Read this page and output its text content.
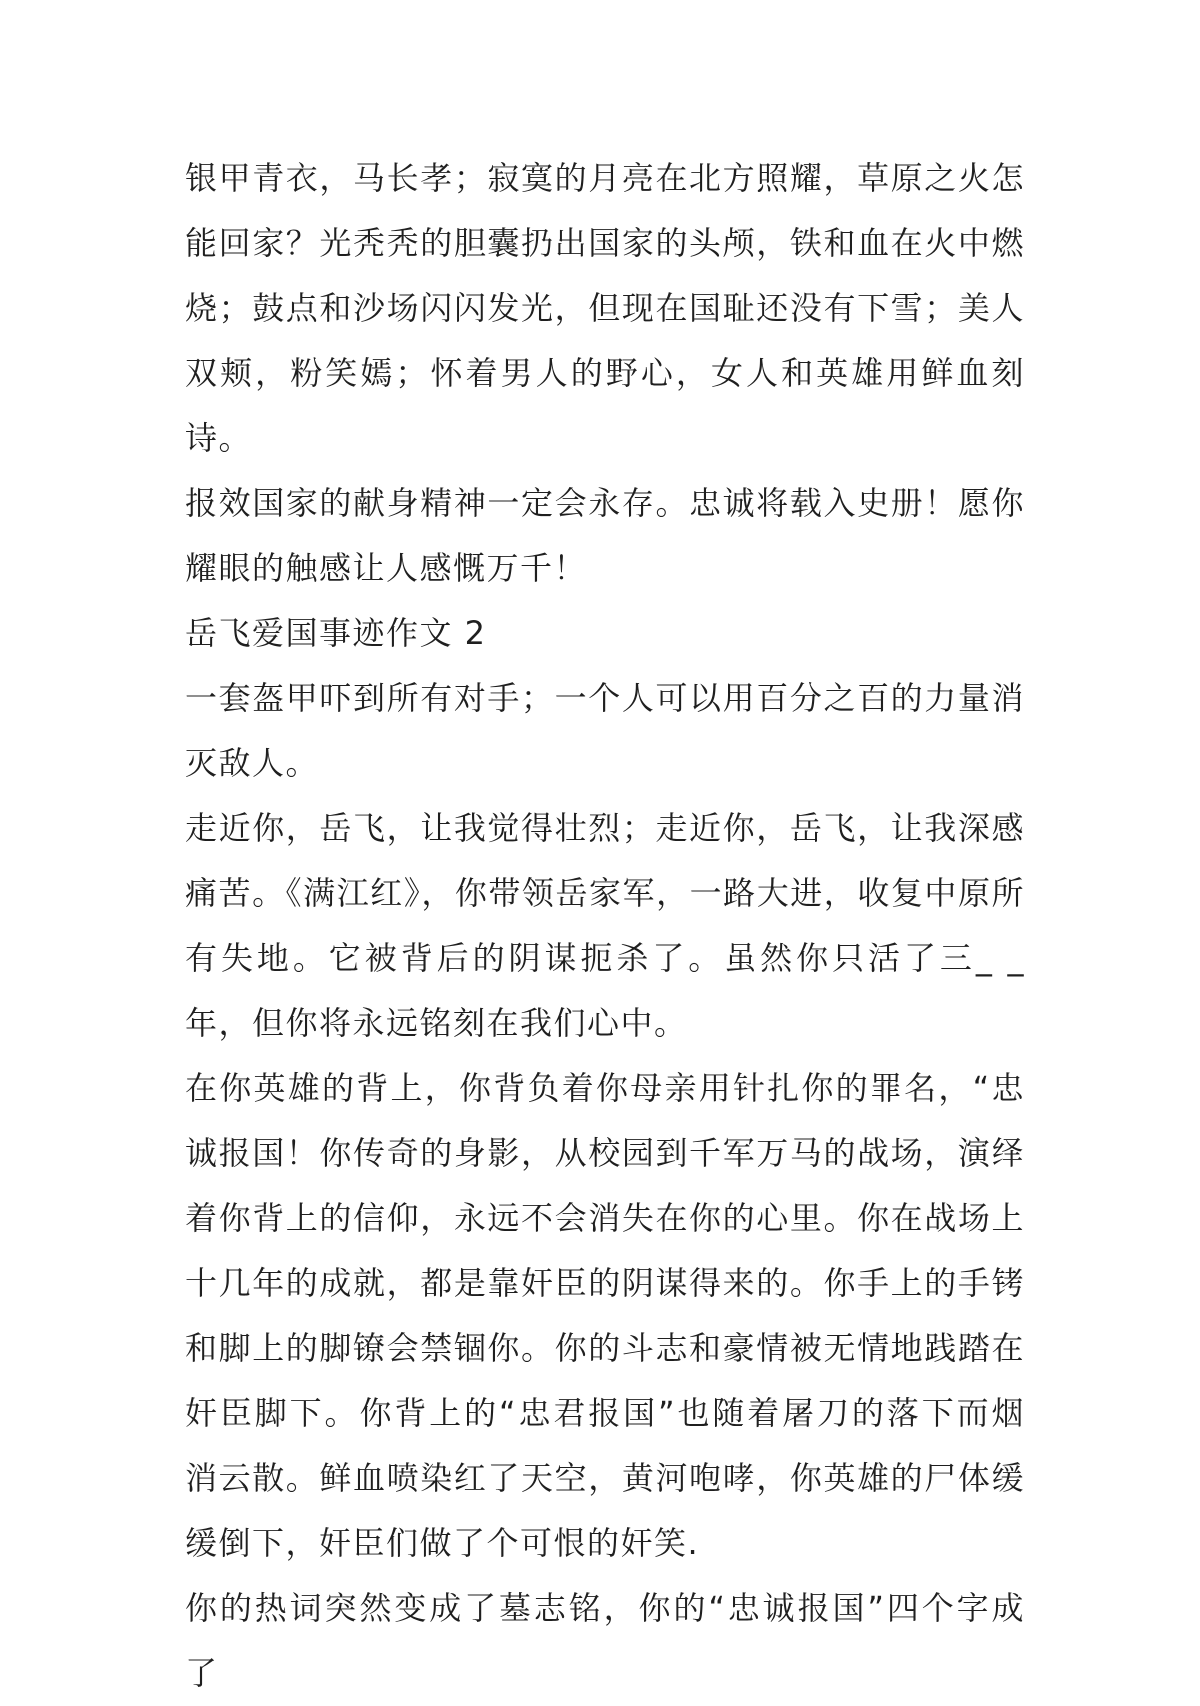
银甲青衣，马长孝；寂寞的月亮在北方照耀，草原之火怎能回家？光秃秃的胆囊扔出国家的头颅，铁和血在火中燃烧；鼓点和沙场闪闪发光，但现在国耻还没有下雪；美人双颊，粉笑嫣；怀着男人的野心，女人和英雄用鲜血刻诗。

报效国家的献身精神一定会永存。忠诚将载入史册！愿你耀眼的触感让人感慨万千！

岳飞爱国事迹作文 2

一套盔甲吓到所有对手；一个人可以用百分之百的力量消灭敌人。

走近你，岳飞，让我觉得壮烈；走近你，岳飞，让我深感痛苦。《满江红》，你带领岳家军，一路大进，收复中原所有失地。它被背后的阴谋扼杀了。虽然你只活了三_ _年，但你将永远铭刻在我们心中。

在你英雄的背上，你背负着你母亲用针扎你的罪名，“忠诚报国！你传奇的身影，从校园到千军万马的战场，演绎着你背上的信仰，永远不会消失在你的心里。你在战场上十几年的成就，都是靠奸臣的阴谋得来的。你手上的手铐和脚上的脚镣会禁锢你。你的斗志和豪情被无情地践踏在奸臣脚下。你背上的“忠君报国”也随着屠刀的落下而烟消云散。鲜血喷染红了天空，黄河咆哮，你英雄的尸体缓缓倒下，奸臣们做了个可恨的奸笑.

你的热词突然变成了墓志铭，你的“忠诚报国”四个字成了
